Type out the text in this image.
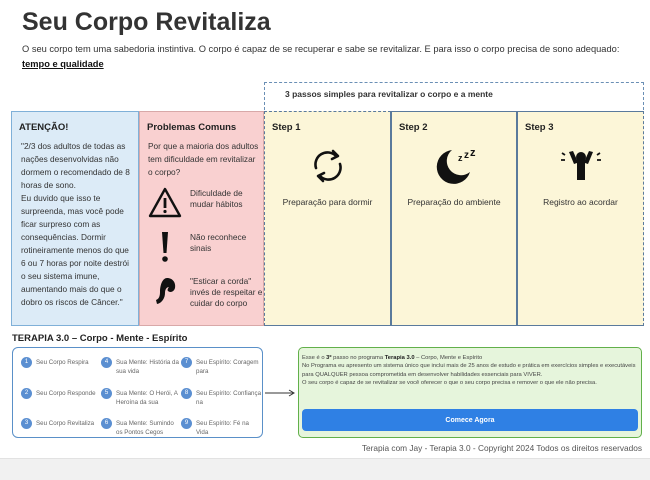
Seu Corpo Revitaliza
O seu corpo tem uma sabedoria instintiva. O corpo é capaz de se recuperar e sabe se revitalizar. E para isso o corpo precisa de sono adequado: tempo e qualidade
3 passos simples para revitalizar o corpo e a mente
ATENÇÃO!
"2/3 dos adultos de todas as nações desenvolvidas não dormem o recomendado de 8 horas de sono.
Eu duvido que isso te surpreenda, mas você pode ficar surpreso com as consequências. Dormir rotineiramente menos do que 6 ou 7 horas por noite destrói o seu sistema imune, aumentando mais do que o dobro os riscos de Câncer."
Problemas Comuns
Por que a maioria dos adultos tem dificuldade em revitalizar o corpo?
Dificuldade de mudar hábitos
Não reconhece sinais
"Esticar a corda" invés de respeitar e cuidar do corpo
Step 1
Preparação para dormir
Step 2
z z z
Preparação do ambiente
Step 3
Registro ao acordar
TERAPIA 3.0 – Corpo - Mente - Espírito
1	Seu Corpo Respira
2	Seu Corpo Responde
3	Seu Corpo Revitaliza
4	Sua Mente: História da sua vida
5	Sua Mente: O Herói, A Heroína da sua
6	Sua Mente: Sumindo os Pontos Cegos
7	Seu Espírito: Coragem para
8	Seu Espírito: Confiança na
9	Seu Espírito: Fé na Vida
Esse é o 3º passo no programa Terapia 3.0 – Corpo, Mente e Espírito
No Programa eu apresento um sistema único que inclui mais de 25 anos de estudo e prática em exercícios simples e executáveis para QUALQUER pessoa comprometida em desenvolver habilidades essenciais para VIVER.
O seu corpo é capaz de se revitalizar se você oferecer o que o seu corpo precisa e remover o que ele não precisa.
Comece Agora
Terapia com Jay - Terapia 3.0 - Copyright 2024 Todos os direitos reservados
